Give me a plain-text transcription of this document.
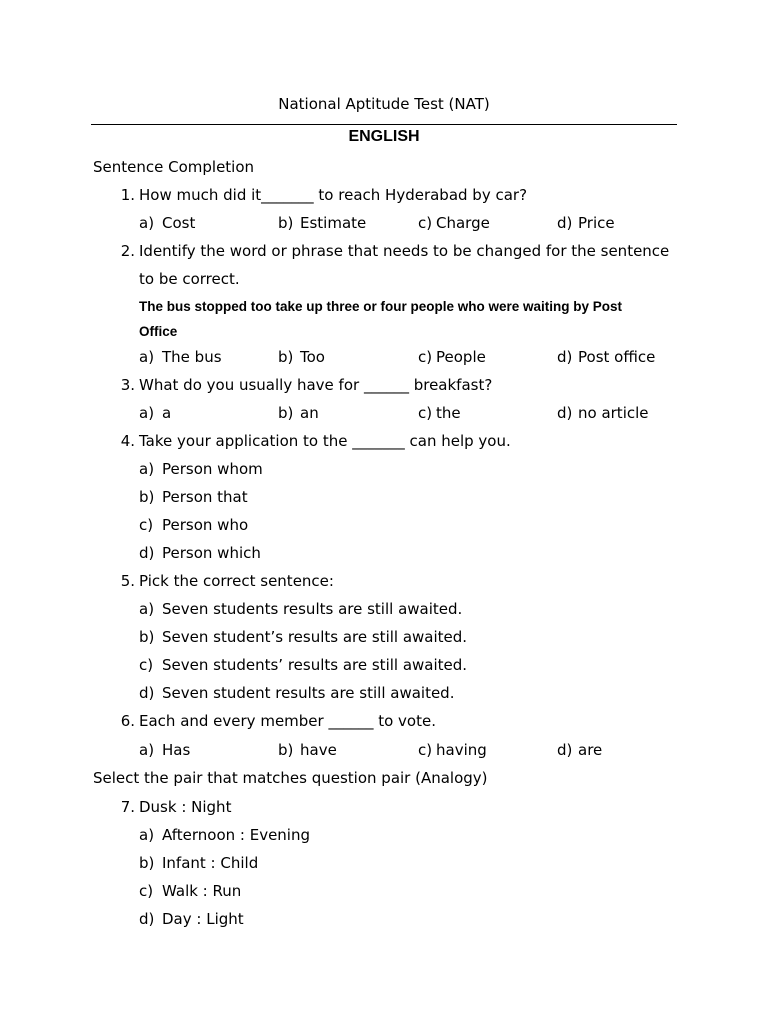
National Aptitude Test (NAT)
ENGLISH
Sentence Completion
1. How much did it_______ to reach Hyderabad by car?
a) Cost	b) Estimate	c) Charge	d) Price
2. Identify the word or phrase that needs to be changed for the sentence
to be correct.
The bus stopped too take up three or four people who were waiting by Post
Office
a) The bus	b) Too	c) People	d) Post office
3. What do you usually have for ______ breakfast?
a) a	b) an	c) the	d) no article
4. Take your application to the _______ can help you.
a) Person whom
b) Person that
c) Person who
d) Person which
5. Pick the correct sentence:
a) Seven students results are still awaited.
b) Seven student’s results are still awaited.
c) Seven students’ results are still awaited.
d) Seven student results are still awaited.
6. Each and every member ______ to vote.
a) Has	b) have	c) having	d) are
Select the pair that matches question pair (Analogy)
7. Dusk : Night
a) Afternoon : Evening
b) Infant : Child
c) Walk : Run
d) Day : Light
